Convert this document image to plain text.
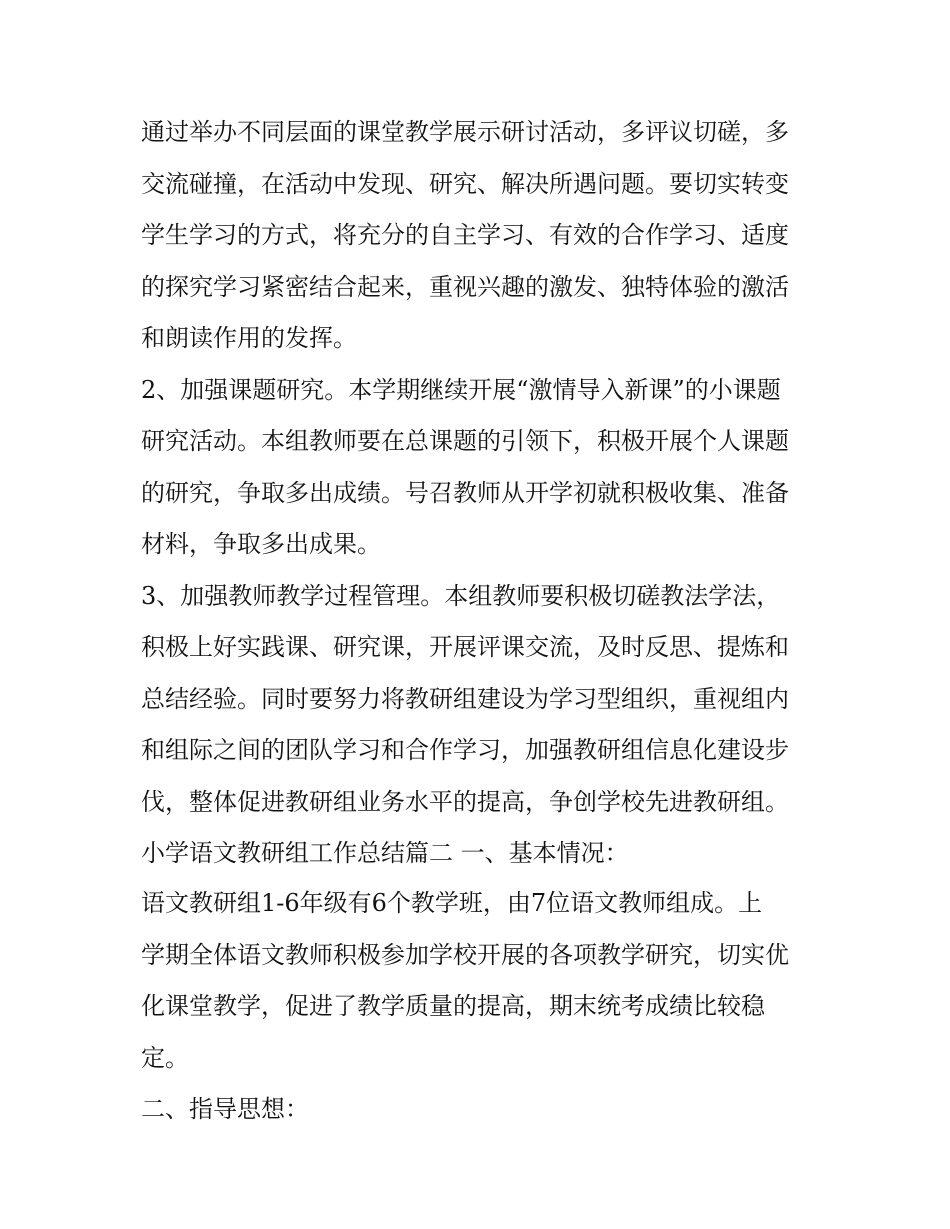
通过举办不同层面的课堂教学展示研讨活动，多评议切磋，多
交流碰撞，在活动中发现、研究、解决所遇问题。要切实转变
学生学习的方式，将充分的自主学习、有效的合作学习、适度
的探究学习紧密结合起来，重视兴趣的激发、独特体验的激活
和朗读作用的发挥。
2、加强课题研究。本学期继续开展“激情导入新课”的小课题
研究活动。本组教师要在总课题的引领下，积极开展个人课题
的研究，争取多出成绩。号召教师从开学初就积极收集、准备
材料，争取多出成果。
3、加强教师教学过程管理。本组教师要积极切磋教法学法，
积极上好实践课、研究课，开展评课交流，及时反思、提炼和
总结经验。同时要努力将教研组建设为学习型组织，重视组内
和组际之间的团队学习和合作学习，加强教研组信息化建设步
伐，整体促进教研组业务水平的提高，争创学校先进教研组。
小学语文教研组工作总结篇二 一、基本情况：
语文教研组1-6年级有6个教学班，由7位语文教师组成。上
学期全体语文教师积极参加学校开展的各项教学研究，切实优
化课堂教学，促进了教学质量的提高，期末统考成绩比较稳
定。
二、指导思想：
